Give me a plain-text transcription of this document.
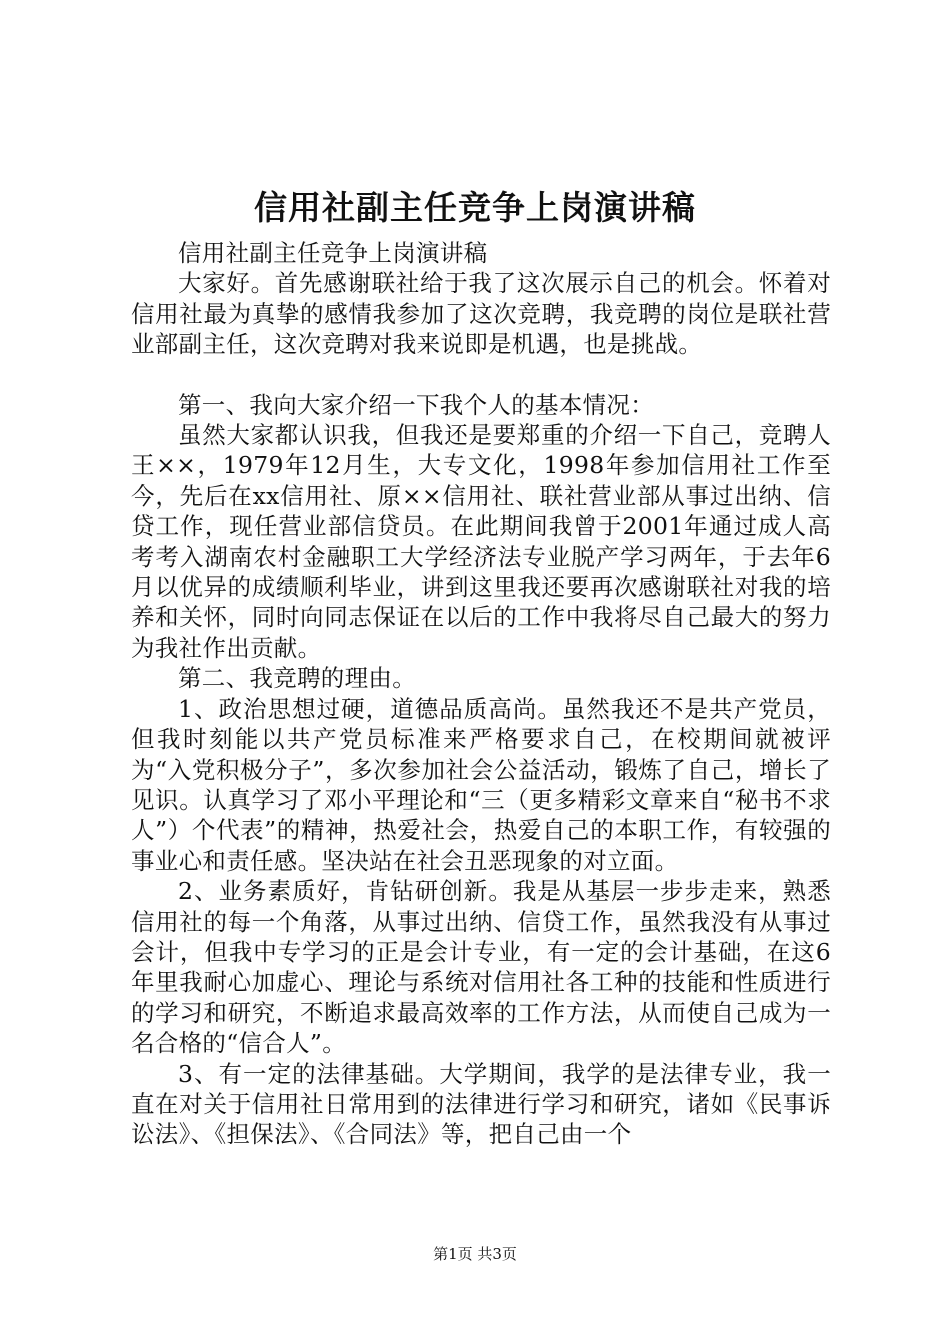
信用社副主任竞争上岗演讲稿

信用社副主任竞争上岗演讲稿

大家好。首先感谢联社给于我了这次展示自己的机会。怀着对信用社最为真挚的感情我参加了这次竞聘，我竞聘的岗位是联社营业部副主任，这次竞聘对我来说即是机遇，也是挑战。

第一、我向大家介绍一下我个人的基本情况：

虽然大家都认识我，但我还是要郑重的介绍一下自己，竞聘人王××，1979年12月生，大专文化，1998年参加信用社工作至今，先后在xx信用社、原××信用社、联社营业部从事过出纳、信贷工作，现任营业部信贷员。在此期间我曾于2001年通过成人高考考入湖南农村金融职工大学经济法专业脱产学习两年，于去年6月以优异的成绩顺利毕业，讲到这里我还要再次感谢联社对我的培养和关怀，同时向同志保证在以后的工作中我将尽自己最大的努力为我社作出贡献。

第二、我竞聘的理由。

1、政治思想过硬，道德品质高尚。虽然我还不是共产党员，但我时刻能以共产党员标准来严格要求自己，在校期间就被评为“入党积极分子”，多次参加社会公益活动，锻炼了自己，增长了见识。认真学习了邓小平理论和“三（更多精彩文章来自“秘书不求人”）个代表”的精神，热爱社会，热爱自己的本职工作，有较强的事业心和责任感。坚决站在社会丑恶现象的对立面。

2、业务素质好，肯钻研创新。我是从基层一步步走来，熟悉信用社的每一个角落，从事过出纳、信贷工作，虽然我没有从事过会计，但我中专学习的正是会计专业，有一定的会计基础，在这6年里我耐心加虚心、理论与系统对信用社各工种的技能和性质进行的学习和研究，不断追求最高效率的工作方法，从而使自己成为一名合格的“信合人”。

3、有一定的法律基础。大学期间，我学的是法律专业，我一直在对关于信用社日常用到的法律进行学习和研究，诸如《民事诉讼法》、《担保法》、《合同法》等，把自己由一个

第1页 共3页
